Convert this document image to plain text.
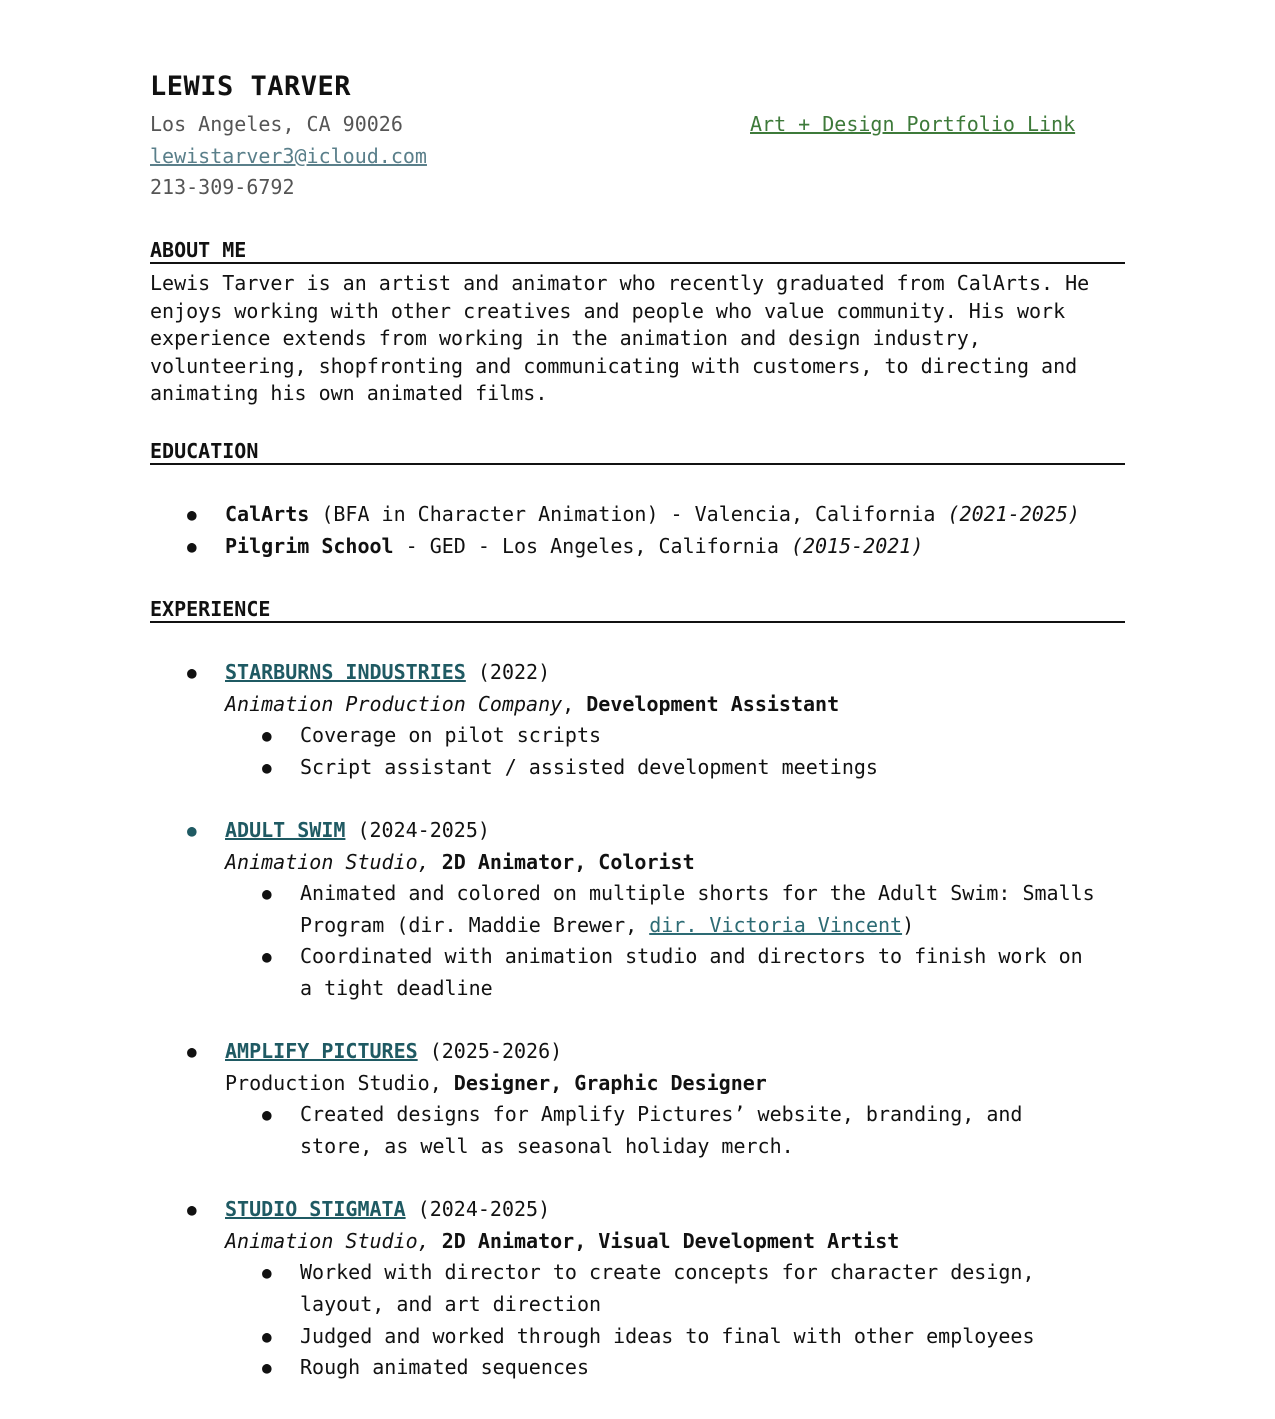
LEWIS TARVER
Los Angeles, CA 90026	Art + Design Portfolio Link
lewistarver3@icloud.com
213-309-6792
ABOUT ME
Lewis Tarver is an artist and animator who recently graduated from CalArts. He
enjoys working with other creatives and people who value community. His work
experience extends from working in the animation and design industry,
volunteering, shopfronting and communicating with customers, to directing and
animating his own animated films.
EDUCATION
● CalArts (BFA in Character Animation) - Valencia, California (2021-2025)
● Pilgrim School - GED - Los Angeles, California (2015-2021)
EXPERIENCE
● STARBURNS INDUSTRIES (2022)
Animation Production Company, Development Assistant
● Coverage on pilot scripts
● Script assistant / assisted development meetings
● ADULT SWIM (2024-2025)
Animation Studio, 2D Animator, Colorist
● Animated and colored on multiple shorts for the Adult Swim: Smalls
Program (dir. Maddie Brewer, dir. Victoria Vincent)
● Coordinated with animation studio and directors to finish work on
a tight deadline
● AMPLIFY PICTURES (2025-2026)
Production Studio, Designer, Graphic Designer
● Created designs for Amplify Pictures’ website, branding, and
store, as well as seasonal holiday merch.
● STUDIO STIGMATA (2024-2025)
Animation Studio, 2D Animator, Visual Development Artist
● Worked with director to create concepts for character design,
layout, and art direction
● Judged and worked through ideas to final with other employees
● Rough animated sequences
